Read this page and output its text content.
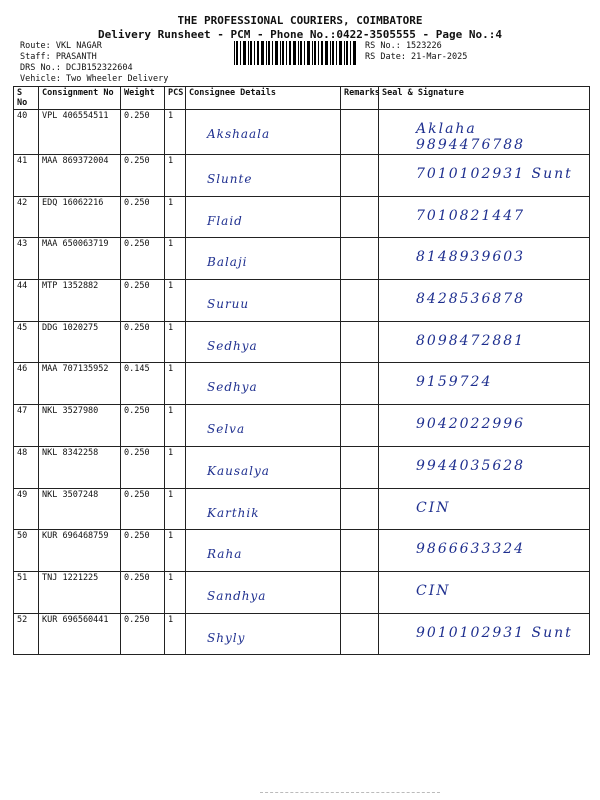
THE PROFESSIONAL COURIERS, COIMBATORE
Delivery Runsheet - PCM - Phone No.:0422-3505555 - Page No.:4
Route: VKL NAGAR
Staff: PRASANTH
DRS No.: DCJB152322604
Vehicle: Two Wheeler Delivery
RS No.: 1523226
RS Date: 21-Mar-2025
S No	Consignment No	Weight	PCS	Consignee Details	Remarks	Seal & Signature
40	VPL 406554511	0.250	1	Akshaala		Aklaha 9894476788

41	MAA 869372004	0.250	1	Slunte		7010102931 Sunt

42	EDQ 16062216	0.250	1	Flaid		7010821447

43	MAA 650063719	0.250	1	Balaji		8148939603

44	MTP 1352882	0.250	1	Suruu		8428536878

45	DDG 1020275	0.250	1	Sedhya		8098472881

46	MAA 707135952	0.145	1	Sedhya		9159724

47	NKL 3527980	0.250	1	Selva		9042022996

48	NKL 8342258	0.250	1	Kausalya		9944035628

49	NKL 3507248	0.250	1	Karthik		CIN

50	KUR 696468759	0.250	1	Raha		9866633324

51	TNJ 1221225	0.250	1	Sandhya		CIN

52	KUR 696560441	0.250	1	Shyly		9010102931 Sunt
